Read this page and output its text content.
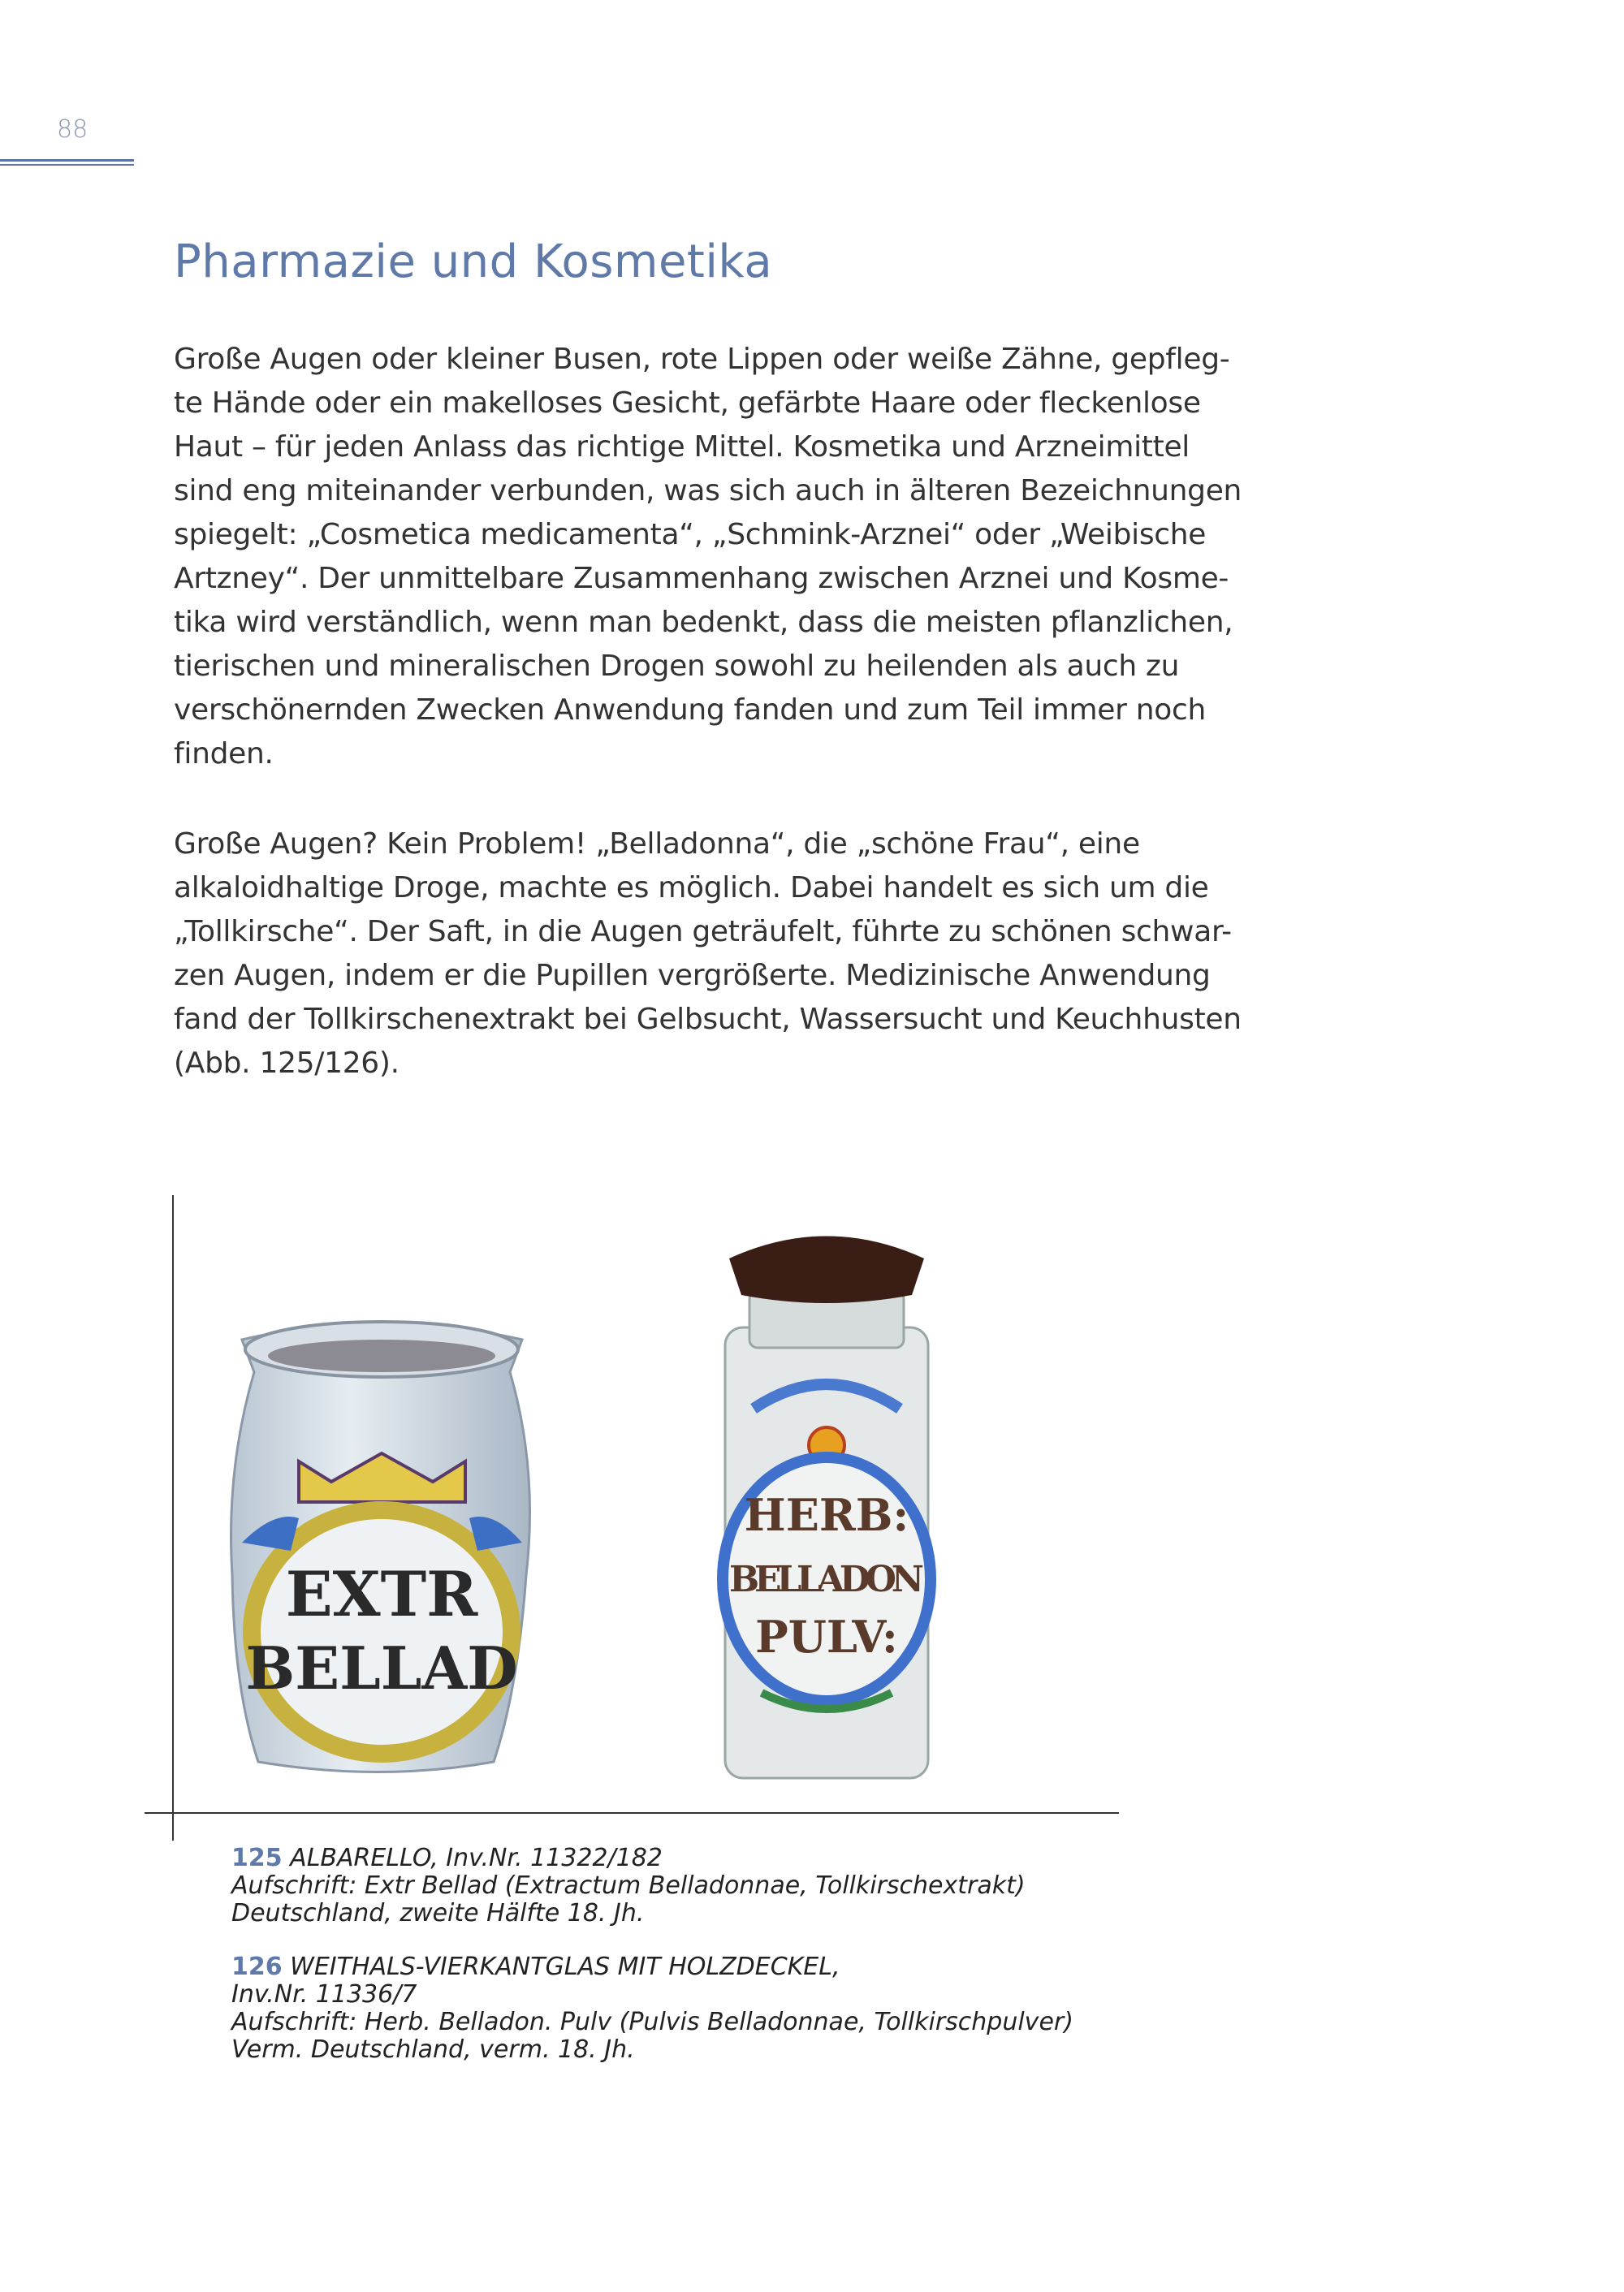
88
Pharmazie und Kosmetika
Große Augen oder kleiner Busen, rote Lippen oder weiße Zähne, gepfleg-
te Hände oder ein makelloses Gesicht, gefärbte Haare oder fleckenlose
Haut – für jeden Anlass das richtige Mittel. Kosmetika und Arzneimittel
sind eng miteinander verbunden, was sich auch in älteren Bezeichnungen
spiegelt: „Cosmetica medicamenta“, „Schmink-Arznei“ oder „Weibische
Artzney“. Der unmittelbare Zusammenhang zwischen Arznei und Kosme-
tika wird verständlich, wenn man bedenkt, dass die meisten pflanzlichen,
tierischen und mineralischen Drogen sowohl zu heilenden als auch zu
verschönernden Zwecken Anwendung fanden und zum Teil immer noch
finden.
Große Augen? Kein Problem! „Belladonna“, die „schöne Frau“, eine
alkaloidhaltige Droge, machte es möglich. Dabei handelt es sich um die
„Tollkirsche“. Der Saft, in die Augen geträufelt, führte zu schönen schwar-
zen Augen, indem er die Pupillen vergrößerte. Medizinische Anwendung
fand der Tollkirschenextrakt bei Gelbsucht, Wassersucht und Keuchhusten
(Abb. 125/126).
EXTR
BELLAD
HERB:
BELLADON
PULV:
125 ALBARELLO, Inv.Nr. 11322/182
Aufschrift: Extr Bellad (Extractum Belladonnae, Tollkirschextrakt)
Deutschland, zweite Hälfte 18. Jh.
126 WEITHALS-VIERKANTGLAS MIT HOLZDECKEL,
Inv.Nr. 11336/7
Aufschrift: Herb. Belladon. Pulv (Pulvis Belladonnae, Tollkirschpulver)
Verm. Deutschland, verm. 18. Jh.
